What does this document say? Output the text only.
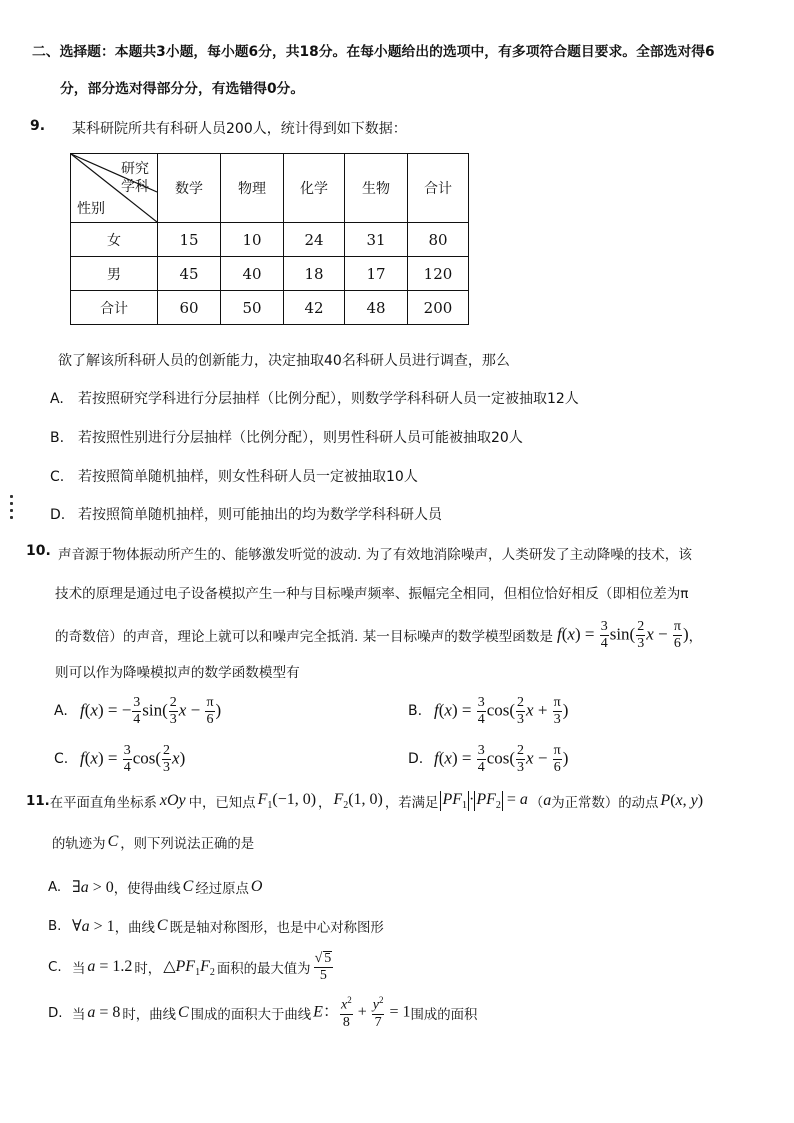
二、选择题：本题共3小题，每小题6分，共18分。在每小题给出的选项中，有多项符合题目要求。全部选对得6
分，部分选对得部分分，有选错得0分。
9. 某科研院所共有科研人员200人，统计得到如下数据：
研究
学科
性别	数学	物理	化学	生物	合计
女	15	10	24	31	80
男	45	40	18	17	120
合计	60	50	42	48	200
欲了解该所科研人员的创新能力，决定抽取40名科研人员进行调查，那么
A. 若按照研究学科进行分层抽样（比例分配），则数学学科科研人员一定被抽取12人
B. 若按照性别进行分层抽样（比例分配），则男性科研人员可能被抽取20人
C. 若按照简单随机抽样，则女性科研人员一定被抽取10人
D. 若按照简单随机抽样，则可能抽出的均为数学学科科研人员
10. 声音源于物体振动所产生的、能够激发听觉的波动. 为了有效地消除噪声，人类研发了主动降噪的技术，该
技术的原理是通过电子设备模拟产生一种与目标噪声频率、振幅完全相同，但相位恰好相反（即相位差为π
的奇数倍）的声音，理论上就可以和噪声完全抵消. 某一目标噪声的数学模型函数是 $f(x) = \frac{3}{4} \sin( \frac{2}{3}$ $x - \frac{\pi}{6}$ ) ，
则可以作为降噪模拟声的数学函数模型有
A. f(x) = − $\frac{3}{4} \sin( \frac{2}{3}$ $x - \frac{\pi}{6}$ )	B. $f(x) = \frac{3}{4} \cos( \frac{2}{3}$ $x + \frac{\pi}{3}$ )
C. $f(x) = \frac{3}{4} \cos( \frac{2}{3} x)$	D. $f(x) = \frac{3}{4} \cos( \frac{2}{3}$ $x - \frac{\pi}{6}$ )
11. 在平面直角坐标系 xOy 中，已知点 $F_1(-1$, 0) ， $F_2(1$, 0) ，若满足 $PF_1 \cdot PF_2 = a$ （ a 为正常数）的动点 P(x, y)
的轨迹为 C ，则下列说法正确的是
A. ∃a > 0 ，使得曲线 C 经过原点 O
B. ∀a > 1 ，曲线 C 既是轴对称图形，也是中心对称图形
C. 当 a = 1.2 时， $\triangle PF_1F_2$ 面积的最大值为 $\frac{√ 5}{5}$
D. 当 a = 8 时，曲线 C 围成的面积大于曲线 E： $\frac{x^2}{8} + \frac{y^2}{7} = 1$ 围成的面积
